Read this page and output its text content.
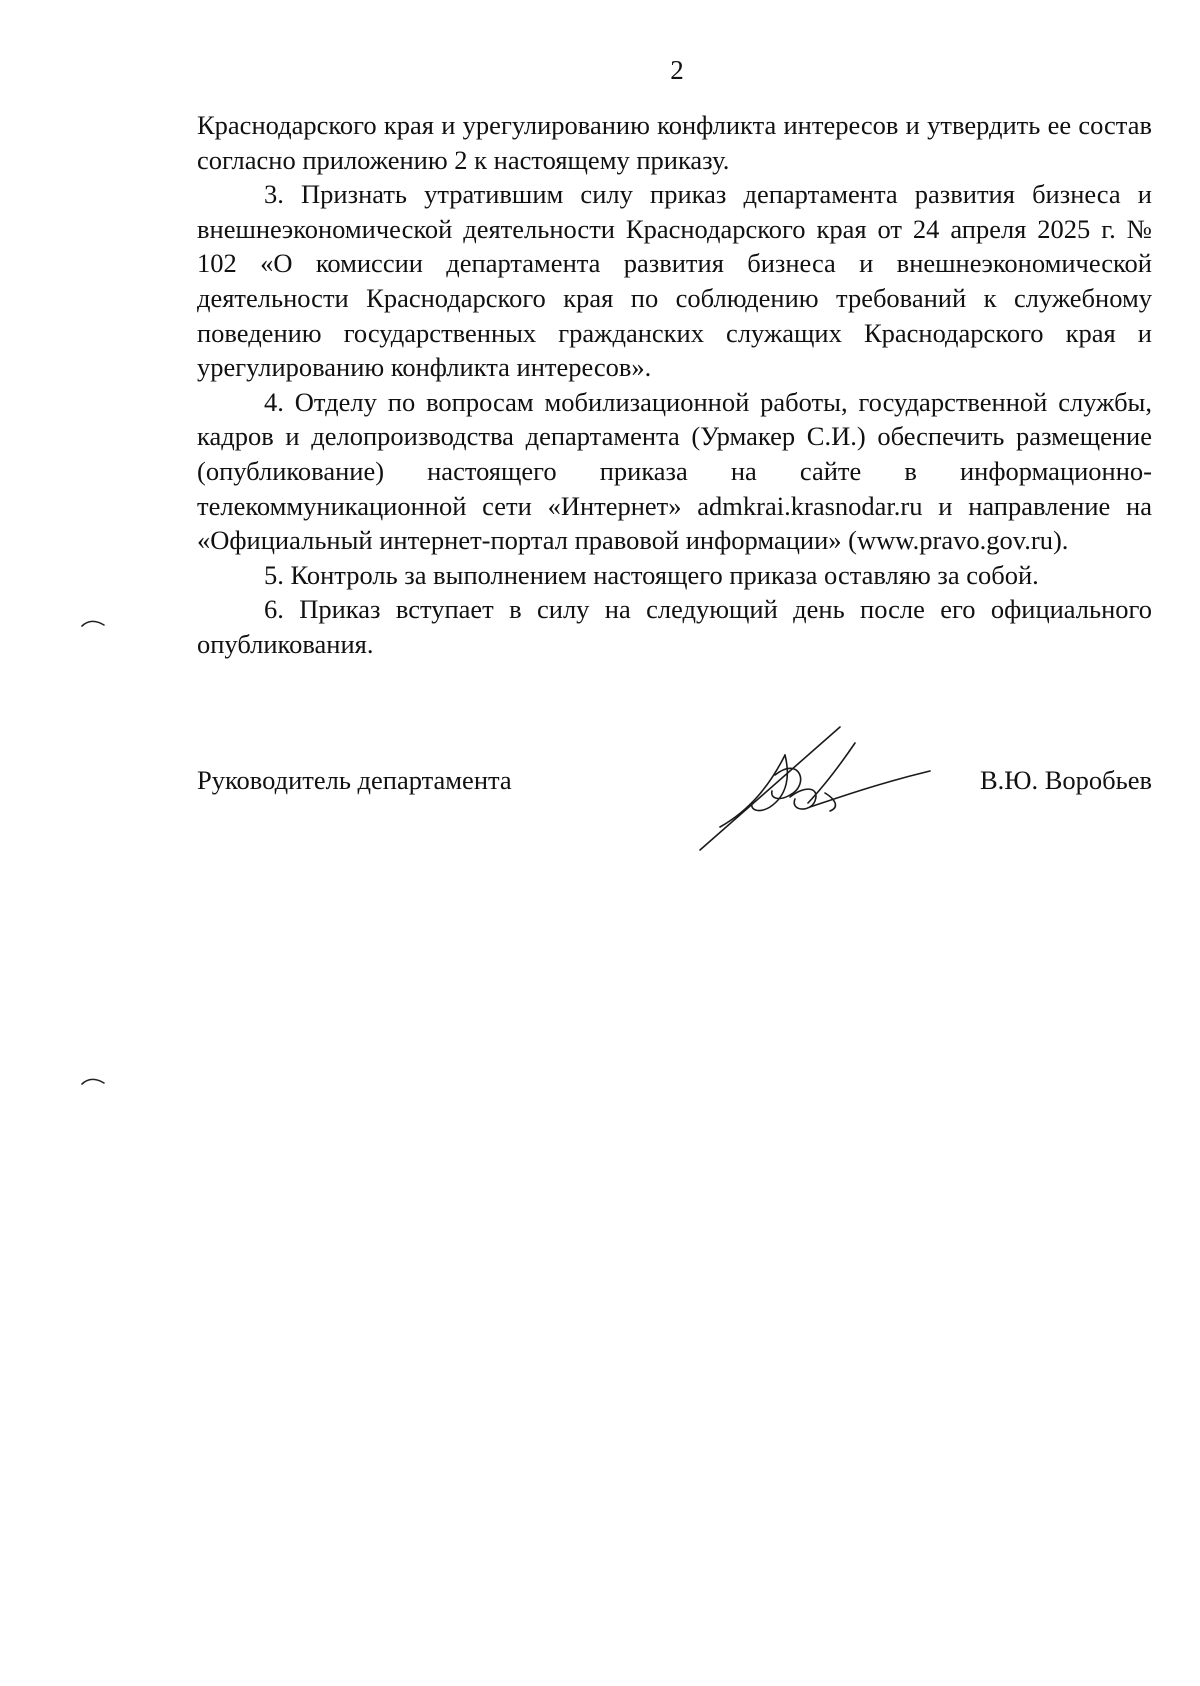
2

Краснодарского края и урегулированию конфликта интересов и утвердить ее состав согласно приложению 2 к настоящему приказу.

3. Признать утратившим силу приказ департамента развития бизнеса и внешнеэкономической деятельности Краснодарского края от 24 апреля 2025 г. № 102 «О комиссии департамента развития бизнеса и внешнеэкономической деятельности Краснодарского края по соблюдению требований к служебному поведению государственных гражданских служащих Краснодарского края и урегулированию конфликта интересов».

4. Отделу по вопросам мобилизационной работы, государственной службы, кадров и делопроизводства департамента (Урмакер С.И.) обеспечить размещение (опубликование) настоящего приказа на сайте в информационно-телекоммуникационной сети «Интернет» admkrai.krasnodar.ru и направление на «Официальный интернет-портал правовой информации» (www.pravo.gov.ru).

5. Контроль за выполнением настоящего приказа оставляю за собой.

6. Приказ вступает в силу на следующий день после его официального опубликования.

Руководитель департамента	В.Ю. Воробьев
